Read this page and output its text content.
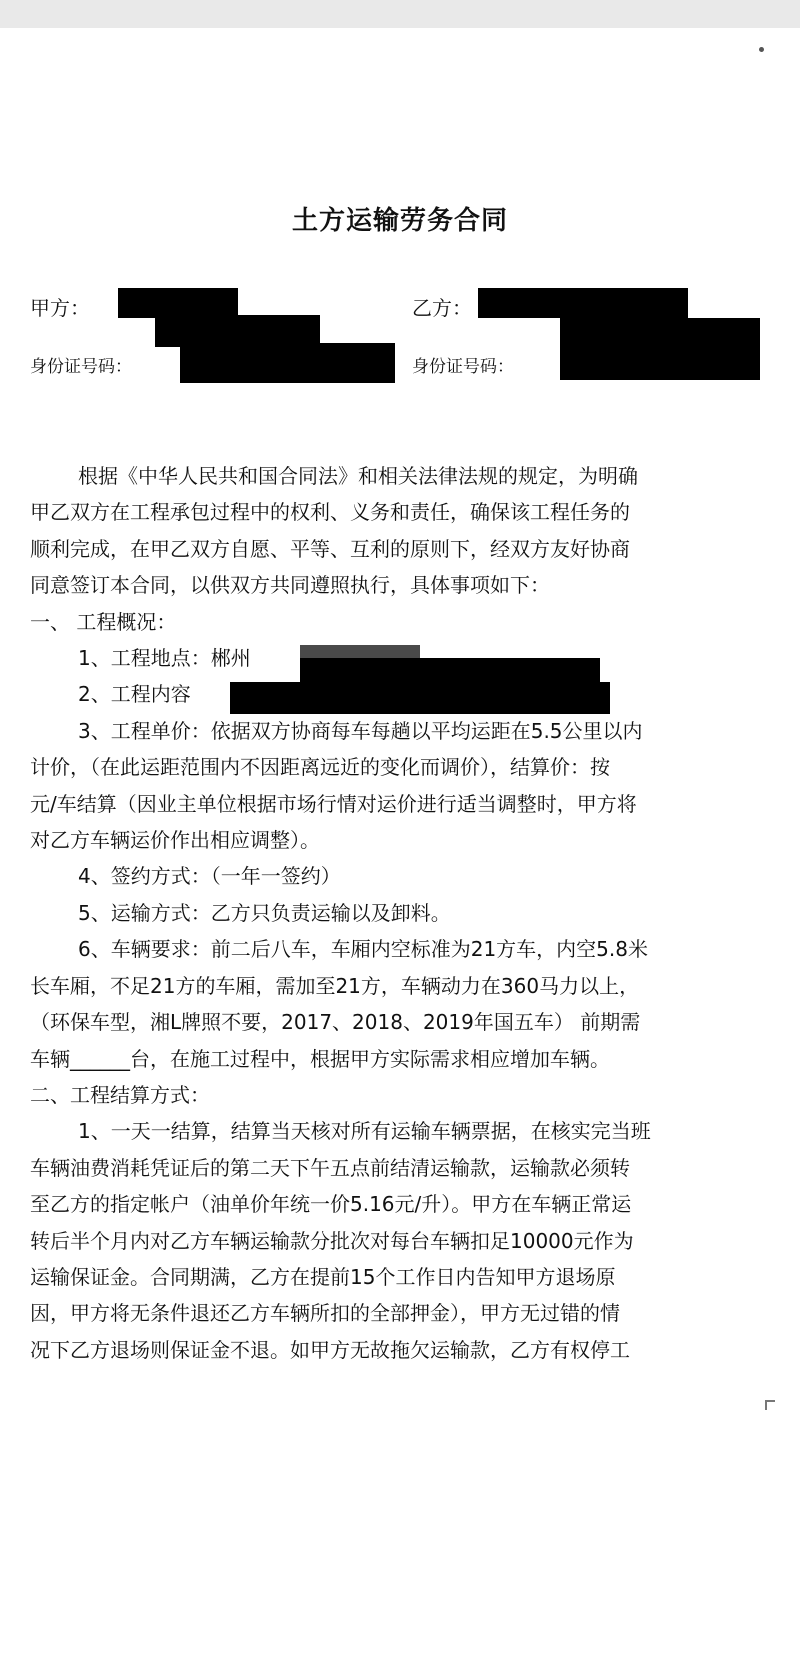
土方运输劳务合同
甲方：
身份证号码：
乙方：
身份证号码：

根据《中华人民共和国合同法》和相关法律法规的规定，为明确

甲乙双方在工程承包过程中的权利、义务和责任，确保该工程任务的

顺利完成，在甲乙双方自愿、平等、互利的原则下，经双方友好协商

同意签订本合同，以供双方共同遵照执行，具体事项如下：

一、 工程概况：

1、工程地点：郴州

2、工程内容

3、工程单价：依据双方协商每车每趟以平均运距在5.5公里以内

计价，（在此运距范围内不因距离远近的变化而调价），结算价：按

元/车结算（因业主单位根据市场行情对运价进行适当调整时，甲方将

对乙方车辆运价作出相应调整）。

4、签约方式：（一年一签约）

5、运输方式：乙方只负责运输以及卸料。

6、车辆要求：前二后八车，车厢内空标准为21方车，内空5.8米

长车厢，不足21方的车厢，需加至21方，车辆动力在360马力以上，

（环保车型，湘L牌照不要，2017、2018、2019年国五车） 前期需

车辆______台，在施工过程中，根据甲方实际需求相应增加车辆。

二、工程结算方式：

1、一天一结算，结算当天核对所有运输车辆票据，在核实完当班

车辆油费消耗凭证后的第二天下午五点前结清运输款，运输款必须转

至乙方的指定帐户（油单价年统一价5.16元/升）。甲方在车辆正常运

转后半个月内对乙方车辆运输款分批次对每台车辆扣足10000元作为

运输保证金。合同期满，乙方在提前15个工作日内告知甲方退场原

因，甲方将无条件退还乙方车辆所扣的全部押金），甲方无过错的情

况下乙方退场则保证金不退。如甲方无故拖欠运输款，乙方有权停工
